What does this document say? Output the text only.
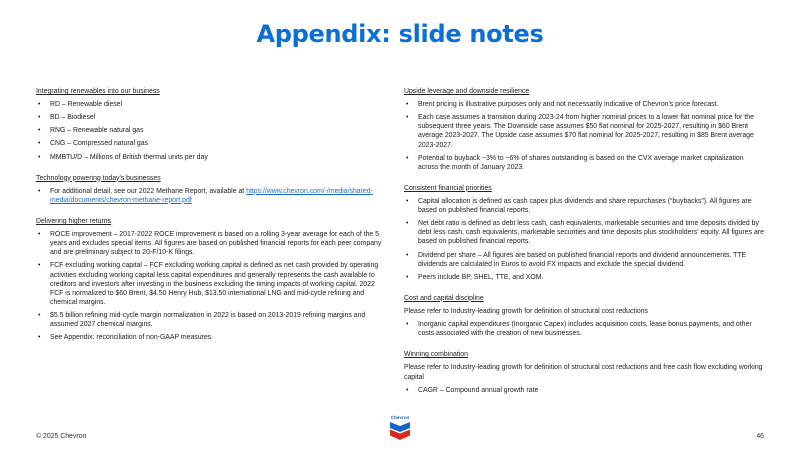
Appendix: slide notes
Integrating renewables into our business
• RD – Renewable diesel
• BD – Biodiesel
• RNG – Renewable natural gas
• CNG – Compressed natural gas
• MMBTU/D – Millions of British thermal units per day
Technology powering today's businesses
• For additional detail, see our 2022 Methane Report, available at https://www.chevron.com/-/media/shared-media/documents/chevron-methane-report.pdf
Delivering higher returns
• ROCE improvement – 2017-2022 ROCE improvement is based on a rolling 3-year average for each of the 5 years and excludes special items. All figures are based on published financial reports for each peer company and are preliminary subject to 20-F/10-K filings.
• FCF excluding working capital – FCF excluding working capital is defined as net cash provided by operating activities excluding working capital less capital expenditures and generally represents the cash available to creditors and investors after investing in the business excluding the timing impacts of working capital. 2022 FCF is normalized to $60 Brent, $4.50 Henry Hub, $13.50 international LNG and mid-cycle refining and chemical margins.
• $5.5 billion refining mid-cycle margin normalization in 2022 is based on 2013-2019 refining margins and assumed 2027 chemical margins.
• See Appendix: reconciliation of non-GAAP measures.
Upside leverage and downside resilience
• Brent pricing is illustrative purposes only and not necessarily indicative of Chevron's price forecast.
• Each case assumes a transition during 2023-24 from higher nominal prices to a lower flat nominal price for the subsequent three years. The Downside case assumes $50 flat nominal for 2025-2027, resulting in $60 Brent average 2023-2027. The Upside case assumes $70 flat nominal for 2025-2027, resulting in $85 Brent average 2023-2027.
• Potential to buyback ~3% to ~6% of shares outstanding is based on the CVX average market capitalization across the month of January 2023.
Consistent financial priorities
• Capital allocation is defined as cash capex plus dividends and share repurchases (“buybacks”). All figures are based on published financial reports.
• Net debt ratio is defined as debt less cash, cash equivalents, marketable securities and time deposits divided by debt less cash, cash equivalents, marketable securities and time deposits plus stockholders' equity. All figures are based on published financial reports.
• Dividend per share – All figures are based on published financial reports and dividend announcements. TTE dividends are calculated in Euros to avoid FX impacts and exclude the special dividend.
• Peers include BP, SHEL, TTE, and XOM.
Cost and capital discipline
Please refer to Industry-leading growth for definition of structural cost reductions
• Inorganic capital expenditures (Inorganic Capex) includes acquisition costs, lease bonus payments, and other costs associated with the creation of new businesses.
Winning combination
Please refer to Industry-leading growth for definition of structural cost reductions and free cash flow excluding working capital
• CAGR – Compound annual growth rate
© 2025 Chevron
Chevron
46
